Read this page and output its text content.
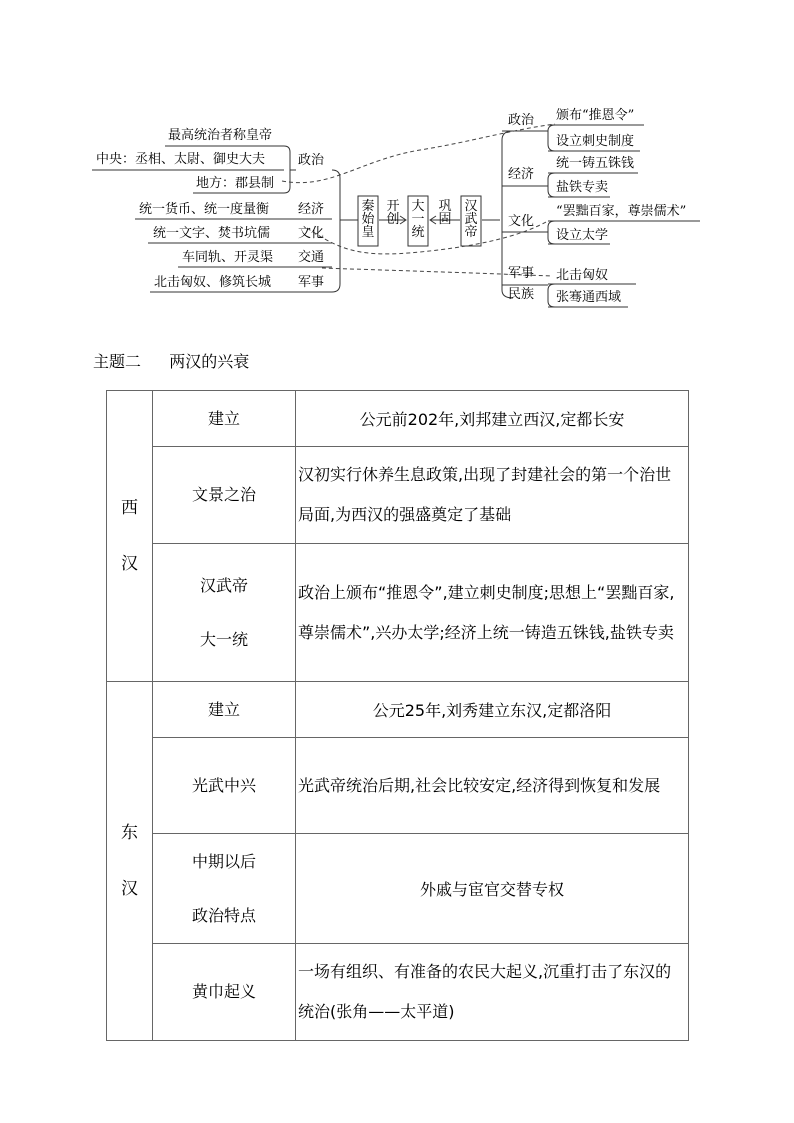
最高统治者称皇帝
中央：丞相、太尉、御史大夫
地方：郡县制
政治
统一货币、统一度量衡 经济
统一文字、焚书坑儒 文化
车同轨、开灵渠 交通
北击匈奴、修筑长城 军事
秦始皇
开创
大一统
巩固
汉武帝
政治 颁布“推恩令”
设立刺史制度
经济
统一铸五铢钱
盐铁专卖
文化
“罢黜百家，尊崇儒术”
设立太学
军事
民族
北击匈奴
张骞通西域
主题二 两汉的兴衰
西
汉	建立	公元前202年,刘邦建立西汉,定都长安

	文景之治	汉初实行休养生息政策,出现了封建社会的第一个治世局面,为西汉的强盛奠定了基础

	汉武帝
大一统	政治上颁布“推恩令”,建立刺史制度;思想上“罢黜百家,尊崇儒术”,兴办太学;经济上统一铸造五铢钱,盐铁专卖

东
汉	建立	公元25年,刘秀建立东汉,定都洛阳

	光武中兴	光武帝统治后期,社会比较安定,经济得到恢复和发展

	中期以后
政治特点	外戚与宦官交替专权

	黄巾起义	一场有组织、有准备的农民大起义,沉重打击了东汉的统治(张角——太平道)
